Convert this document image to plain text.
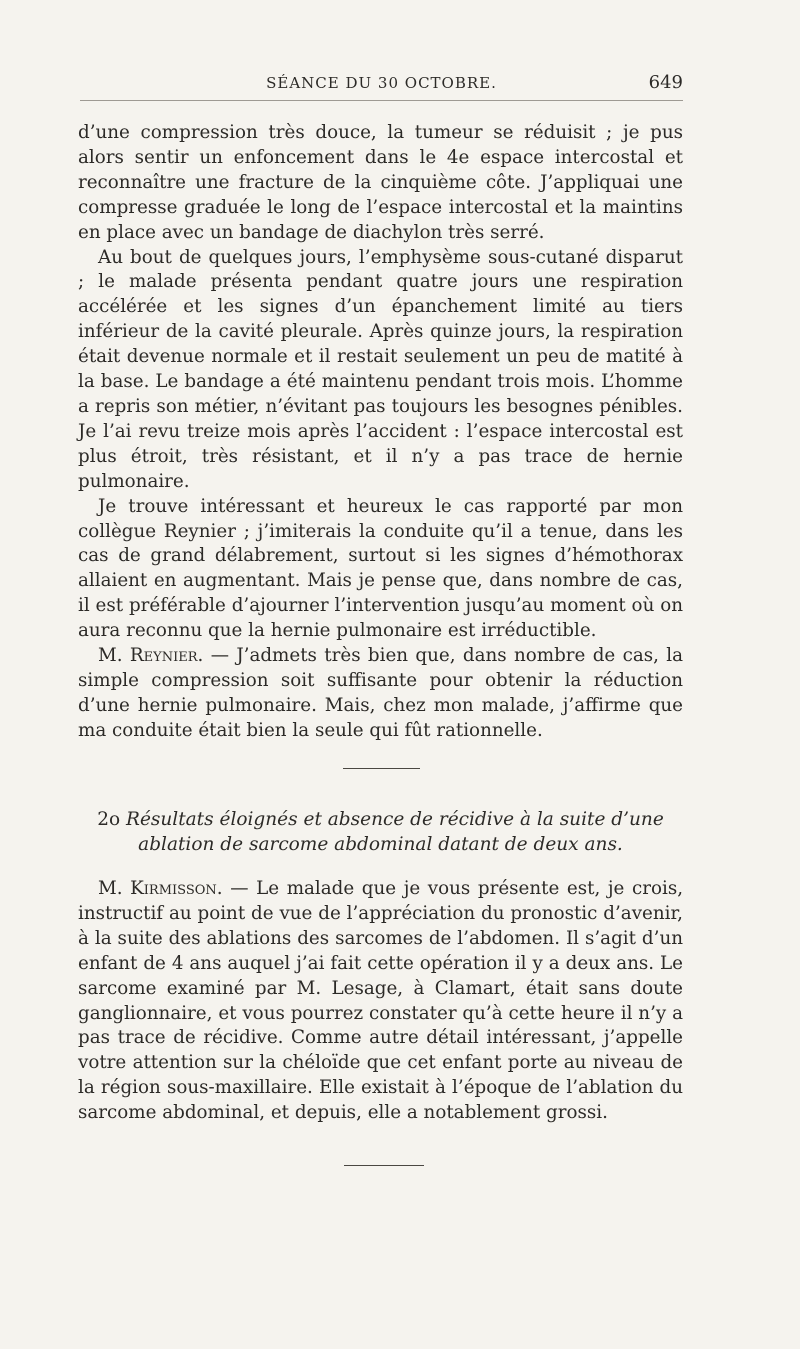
SÉANCE DU 30 OCTOBRE.	649

d’une compression très douce, la tumeur se réduisit ; je pus alors sentir un enfoncement dans le 4e espace intercostal et reconnaître une fracture de la cinquième côte. J’appliquai une compresse graduée le long de l’espace intercostal et la maintins en place avec un bandage de diachylon très serré.

Au bout de quelques jours, l’emphysème sous-cutané disparut ; le malade présenta pendant quatre jours une respiration accélérée et les signes d’un épanchement limité au tiers inférieur de la cavité pleurale. Après quinze jours, la respiration était devenue normale et il restait seulement un peu de matité à la base. Le bandage a été maintenu pendant trois mois. L’homme a repris son métier, n’évitant pas toujours les besognes pénibles. Je l’ai revu treize mois après l’accident : l’espace intercostal est plus étroit, très résistant, et il n’y a pas trace de hernie pulmonaire.

Je trouve intéressant et heureux le cas rapporté par mon collègue Reynier ; j’imiterais la conduite qu’il a tenue, dans les cas de grand délabrement, surtout si les signes d’hémothorax allaient en augmentant. Mais je pense que, dans nombre de cas, il est préférable d’ajourner l’intervention jusqu’au moment où on aura reconnu que la hernie pulmonaire est irréductible.

M. Reynier. — J’admets très bien que, dans nombre de cas, la simple compression soit suffisante pour obtenir la réduction d’une hernie pulmonaire. Mais, chez mon malade, j’affirme que ma conduite était bien la seule qui fût rationnelle.

2o Résultats éloignés et absence de récidive à la suite d’une ablation de sarcome abdominal datant de deux ans.

M. Kirmisson. — Le malade que je vous présente est, je crois, instructif au point de vue de l’appréciation du pronostic d’avenir, à la suite des ablations des sarcomes de l’abdomen. Il s’agit d’un enfant de 4 ans auquel j’ai fait cette opération il y a deux ans. Le sarcome examiné par M. Lesage, à Clamart, était sans doute ganglionnaire, et vous pourrez constater qu’à cette heure il n’y a pas trace de récidive. Comme autre détail intéressant, j’appelle votre attention sur la chéloïde que cet enfant porte au niveau de la région sous-maxillaire. Elle existait à l’époque de l’ablation du sarcome abdominal, et depuis, elle a notablement grossi.
